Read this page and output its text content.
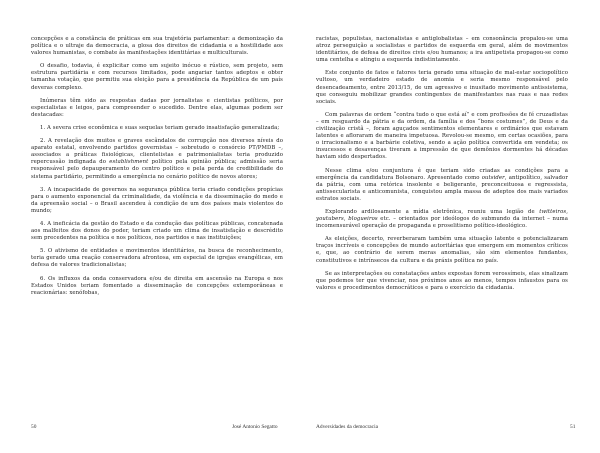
concepções e a constância de práticas em sua trajetória parlamentar: a demonização da política e o ultraje da democracia, a glosa dos direitos de cidadania e a hostilidade aos valores humanistas, o combate às manifestações identitárias e multiculturais.

O desafio, todavia, é explicitar como um sujeito inócuo e rústico, sem projeto, sem estrutura partidária e com recursos limitados, pode angariar tantos adeptos e obter tamanha votação, que permitiu sua eleição para a presidência da República de um país deveras complexo.

Inúmeras têm sido as respostas dadas por jornalistas e cientistas políticos, por especialistas e leigos, para compreender o sucedido. Dentre elas, algumas podem ser destacadas:

1. A severa crise econômica e suas sequelas teriam gerado insatisfação generalizada;

2. A revelação dos muitos e graves escândalos de corrupção nos diversos níveis do aparato estatal, envolvendo partidos governistas – sobretudo o consórcio PT/PMDB –, associados a práticas fisiológicas, clientelistas e patrimonialistas teria produzido repercussão indignada do establishment político pela opinião pública; admissão seria responsável pelo depauperamento do centro político e pela perda de credibilidade do sistema partidário, permitindo a emergência no cenário político de novos atores;

3. A incapacidade de governos na segurança pública teria criado condições propícias para o aumento exponencial da criminalidade, da violência e da disseminação do medo e da apreensão social – o Brasil ascendeu à condição de um dos países mais violentos do mundo;

4. A ineficácia da gestão do Estado e da condução das políticas públicas, concatenada aos malfeitos dos donos do poder, teriam criado um clima de insatisfação e descrédito sem precedentes na política e nos políticos, nos partidos e nas instituições;

5. O ativismo de entidades e movimentos identitários, na busca de reconhecimento, teria gerado uma reação conservadora afrontosa, em especial de igrejas evangélicas, em defesa de valores tradicionalistas;

6. Os influxos da onda conservadora e/ou de direita em ascensão na Europa e nos Estados Unidos teriam fomentado a disseminação de concepções extemporâneas e reacionárias: xenófobas,

racistas, populistas, nacionalistas e antiglobalistas – em consonância propalou-se uma atroz perseguição a socialistas e partidos de esquerda em geral, além de movimentos identitários, de defesa de direitos civis e/ou humanos; a ira antipetista propagou-se como uma centelha e atingiu a esquerda indistintamente.

Este conjunto de fatos e fatores teria gerado uma situação de mal-estar sociopolítico vultoso, um verdadeiro estado de anomia e seria mesmo responsável pelo desencadeamento, entre 2013/15, de um agressivo e inusitado movimento antissistema, que conseguiu mobilizar grandes contingentes de manifestantes nas ruas e nas redes sociais.

Com palavras de ordem “contra tudo o que está aí” e com profissões de fé cruzadistas – em resguardo da pátria e da ordem, da família e dos “bons costumes”, de Deus e da civilização cristã –, foram aguçados sentimentos elementares e ordinários que estavam latentes e afloraram de maneira impetuosa. Revolou-se mesmo, em certas ocasiões, para o irracionalismo e a barbárie coletiva, sendo a ação política convertida em vendeta; os insucessos e desavenças tiveram a impressão de que demônios dormentes há décadas haviam sido despertados.

Nesse clima e/ou conjuntura é que teriam sido criadas as condições para a emergência da candidatura Bolsonaro. Apresentado como outsider, antipolítico, salvador da pátria, com uma retórica insolente e beligerante, preconceituosa e regressista, antissecularista e anticomunista, conquistou ampla massa de adeptos dos mais variados estratos sociais.

Explorando ardilosamente a mídia eletrônica, reuniu uma legião de twitteiros, youtubers, blogueiros etc. – orientados por ideólogos do submundo da internet – numa incomensurável operação de propaganda e proselitismo político-ideológico.

As eleições, decerto, reverberaram também uma situação latente e potencializaram traços incríveis e concepções de mundo autoritárias que emergem em momentos críticos e, que, ao contrário de serem meras anomalias, são sim elementos fundantes, constitutivos e intrínsecos da cultura e da práxis política no país.

Se as interpretações ou constatações antes expostas forem verossímeis, elas sinalizam que podemos ter que vivenciar, nos próximos anos ao menos, tempos infaustos para os valores e procedimentos democráticos e para o exercício da cidadania.

50	José Antonio Segatto	Adversidades da democracia	51
